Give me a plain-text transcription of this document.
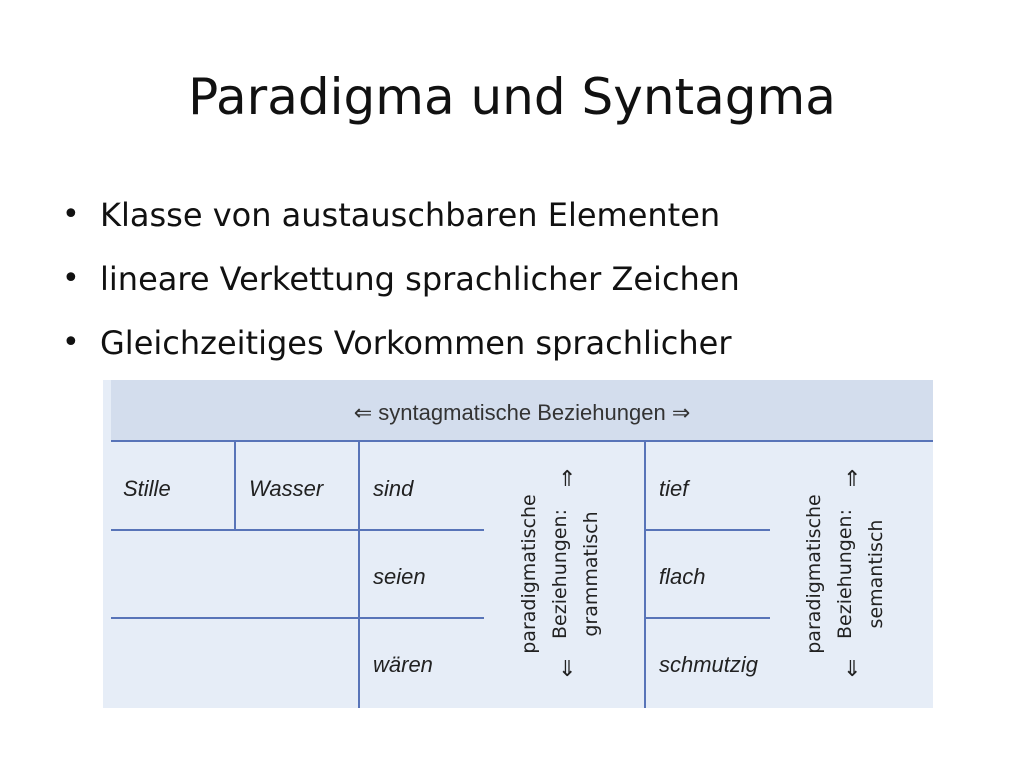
Paradigma und Syntagma
• Klasse von austauschbaren Elementen
• lineare Verkettung sprachlicher Zeichen
• Gleichzeitiges Vorkommen sprachlicher
⇐ syntagmatische Beziehungen ⇒
Stille	Wasser sind
seien
wären
tief
flach
schmutzig
paradigmatische Beziehungen: grammatisch
⇑
⇓
paradigmatische Beziehungen: semantisch
⇑
⇓
